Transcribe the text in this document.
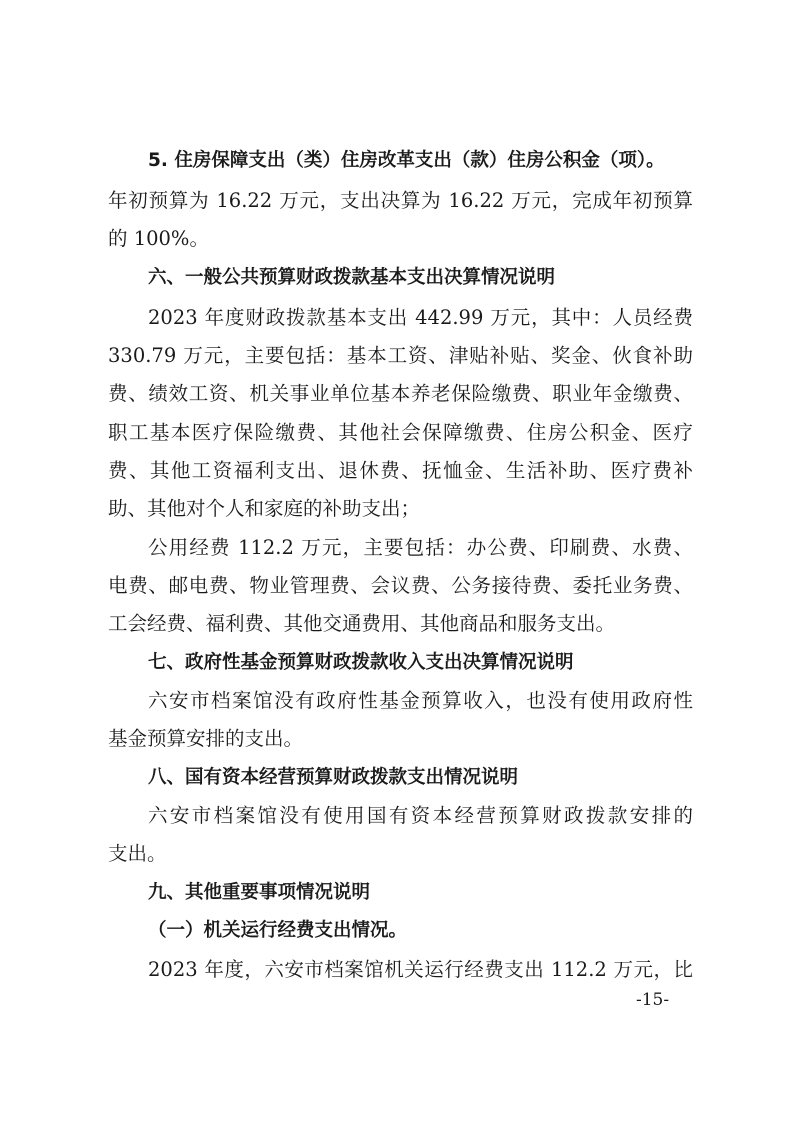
5. 住房保障支出（类）住房改革支出（款）住房公积金（项）。
年初预算为 16.22 万元，支出决算为 16.22 万元，完成年初预算
的 100%。
六、一般公共预算财政拨款基本支出决算情况说明
2023 年度财政拨款基本支出 442.99 万元，其中：人员经费
330.79 万元，主要包括：基本工资、津贴补贴、奖金、伙食补助
费、绩效工资、机关事业单位基本养老保险缴费、职业年金缴费、
职工基本医疗保险缴费、其他社会保障缴费、住房公积金、医疗
费、其他工资福利支出、退休费、抚恤金、生活补助、医疗费补
助、其他对个人和家庭的补助支出；
公用经费 112.2 万元，主要包括：办公费、印刷费、水费、
电费、邮电费、物业管理费、会议费、公务接待费、委托业务费、
工会经费、福利费、其他交通费用、其他商品和服务支出。
七、政府性基金预算财政拨款收入支出决算情况说明
六安市档案馆没有政府性基金预算收入，也没有使用政府性
基金预算安排的支出。
八、国有资本经营预算财政拨款支出情况说明
六安市档案馆没有使用国有资本经营预算财政拨款安排的
支出。
九、其他重要事项情况说明
（一）机关运行经费支出情况。
2023 年度，六安市档案馆机关运行经费支出 112.2 万元，比
-15-
